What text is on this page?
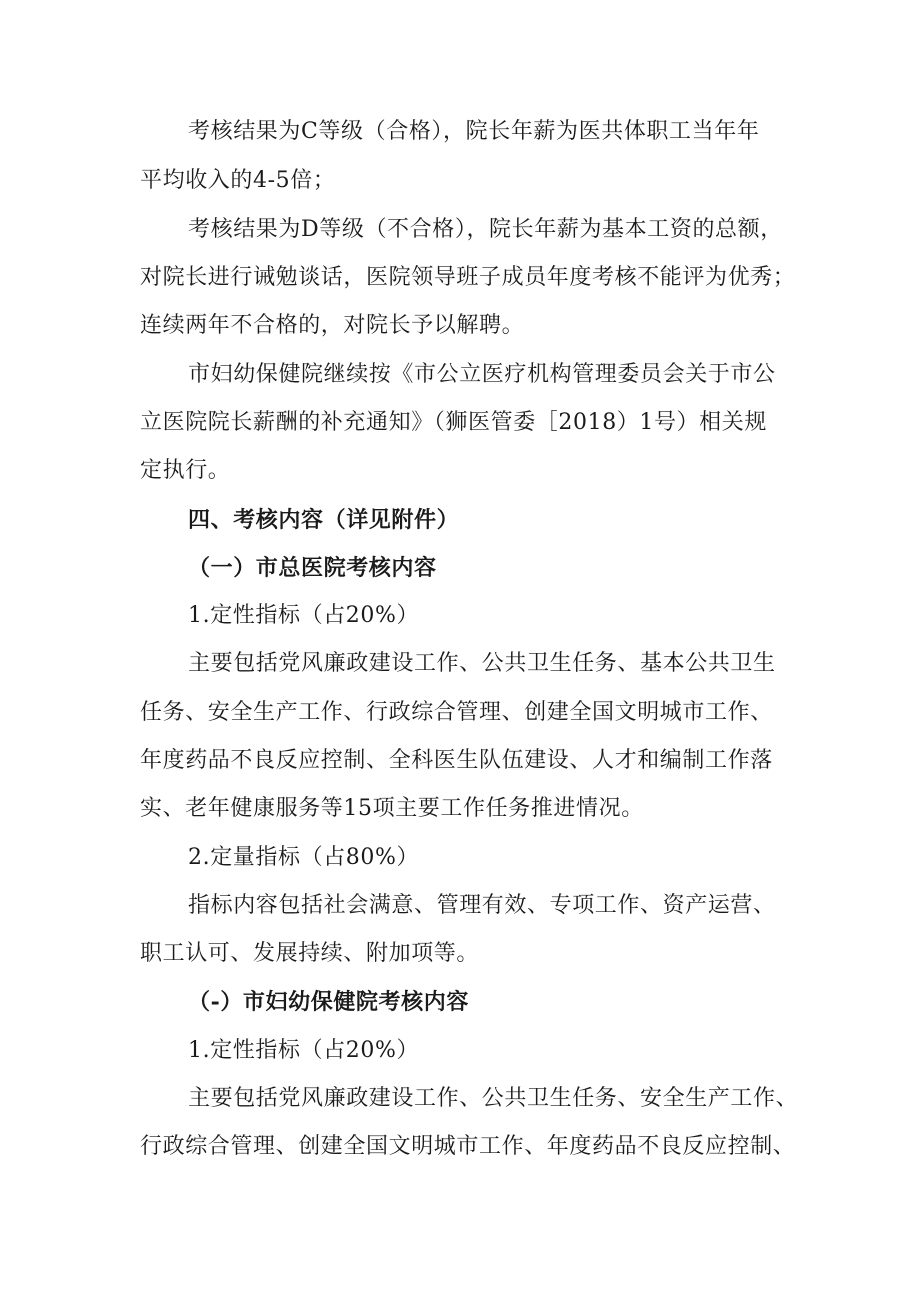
考核结果为C等级（合格），院长年薪为医共体职工当年年
平均收入的4-5倍；
考核结果为D等级（不合格），院长年薪为基本工资的总额，
对院长进行诫勉谈话，医院领导班子成员年度考核不能评为优秀；
连续两年不合格的，对院长予以解聘。
市妇幼保健院继续按《市公立医疗机构管理委员会关于市公
立医院院长薪酬的补充通知》（狮医管委［2018）1号）相关规
定执行。
四、考核内容（详见附件）
（一）市总医院考核内容
1.定性指标（占20%）
主要包括党风廉政建设工作、公共卫生任务、基本公共卫生
任务、安全生产工作、行政综合管理、创建全国文明城市工作、
年度药品不良反应控制、全科医生队伍建设、人才和编制工作落
实、老年健康服务等15项主要工作任务推进情况。
2.定量指标（占80%）
指标内容包括社会满意、管理有效、专项工作、资产运营、
职工认可、发展持续、附加项等。
（-）市妇幼保健院考核内容
1.定性指标（占20%）
主要包括党风廉政建设工作、公共卫生任务、安全生产工作、
行政综合管理、创建全国文明城市工作、年度药品不良反应控制、
